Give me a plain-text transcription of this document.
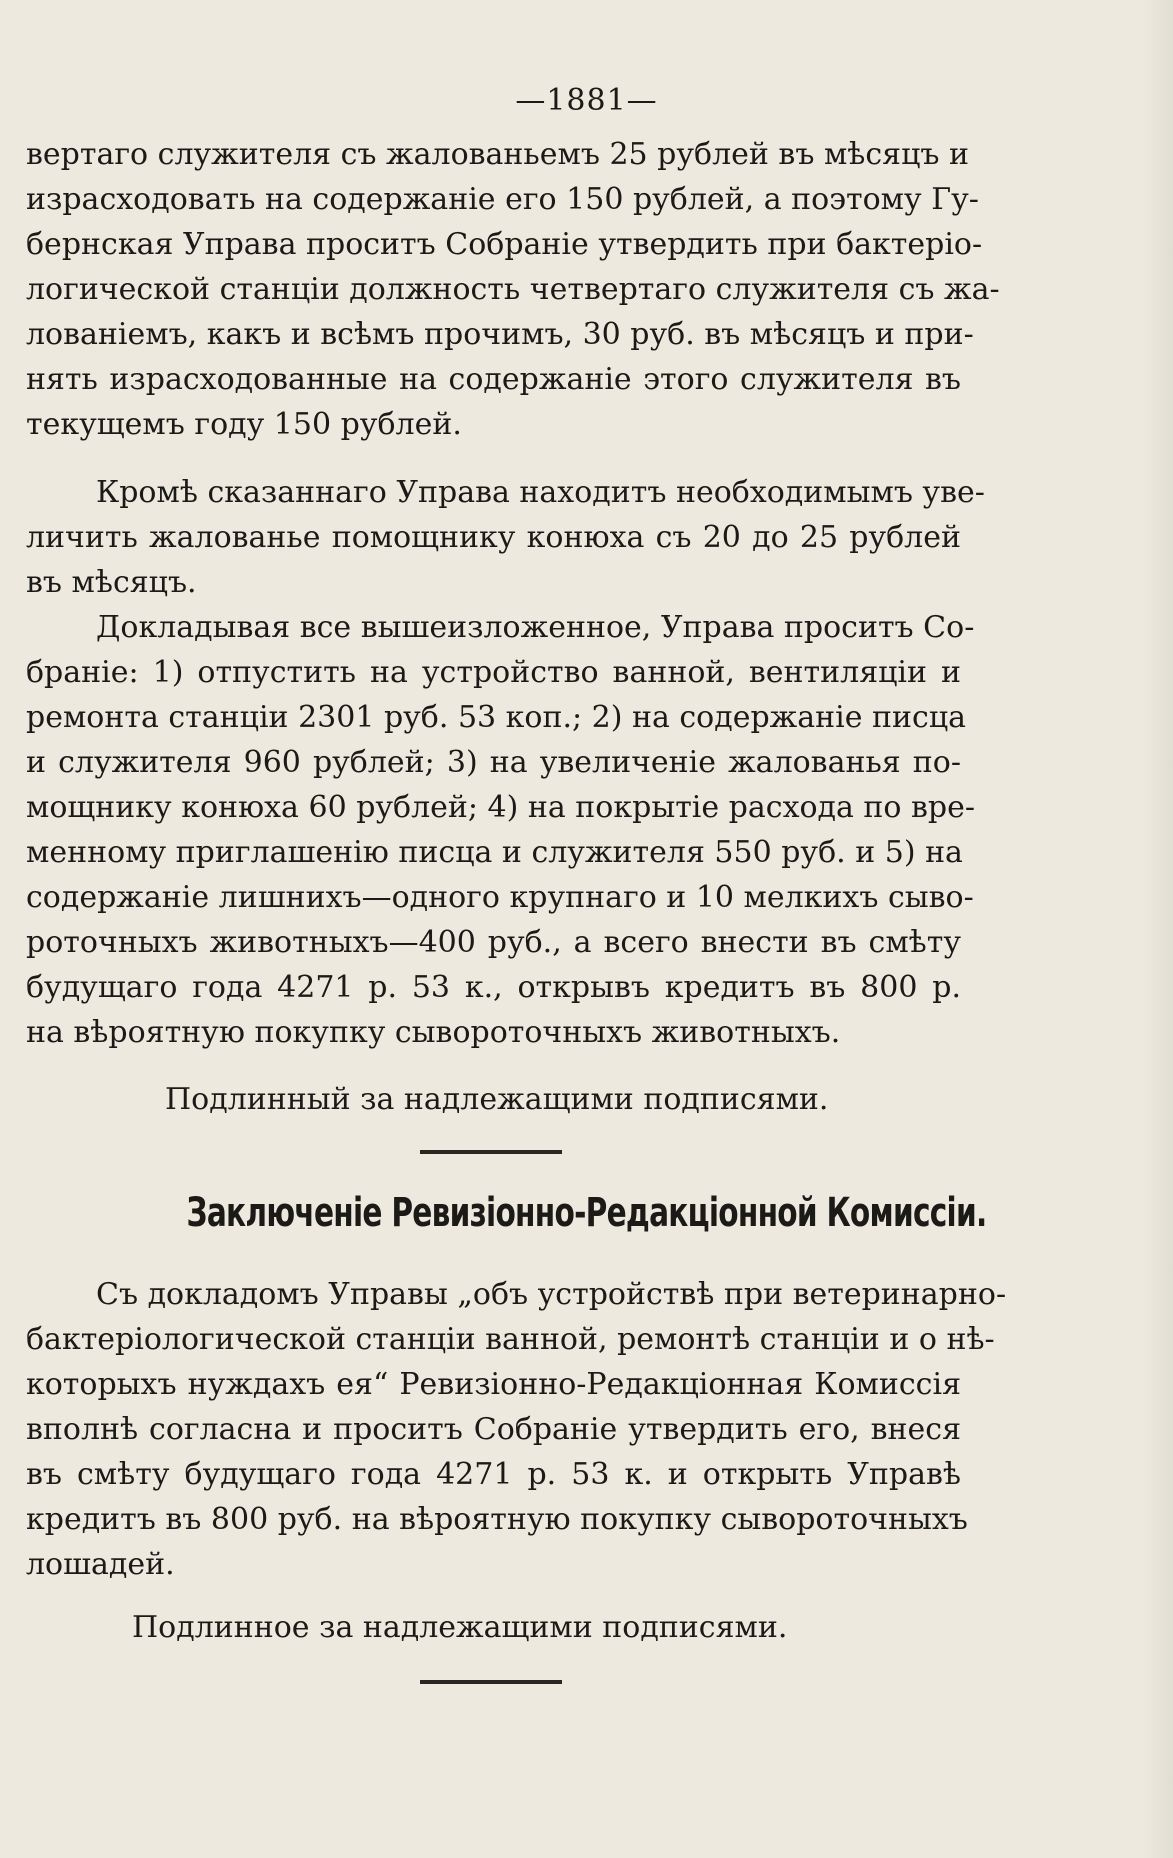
—1881—
вертаго служителя съ жалованьемъ 25 рублей въ мѣсяцъ и
израсходовать на содержаніе его 150 рублей, а поэтому Гу-
бернская Управа проситъ Собраніе утвердить при бактеріо-
логической станціи должность четвертаго служителя съ жа-
лованіемъ, какъ и всѣмъ прочимъ, 30 руб. въ мѣсяцъ и при-
нять израсходованные на содержаніе этого служителя въ
текущемъ году 150 рублей.
Кромѣ сказаннаго Управа находитъ необходимымъ уве-
личить жалованье помощнику конюха съ 20 до 25 рублей
въ мѣсяцъ.
Докладывая все вышеизложенное, Управа проситъ Со-
браніе: 1) отпустить на устройство ванной, вентиляціи и
ремонта станціи 2301 руб. 53 коп.; 2) на содержаніе писца
и служителя 960 рублей; 3) на увеличеніе жалованья по-
мощнику конюха 60 рублей; 4) на покрытіе расхода по вре-
менному приглашенію писца и служителя 550 руб. и 5) на
содержаніе лишнихъ—одного крупнаго и 10 мелкихъ сыво-
роточныхъ животныхъ—400 руб., а всего внести въ смѣту
будущаго года 4271 р. 53 к., открывъ кредитъ въ 800 р.
на вѣроятную покупку сывороточныхъ животныхъ.
Подлинный за надлежащими подписями.
Заключеніе Ревизіонно-Редакціонной Комиссіи.
Съ докладомъ Управы „объ устройствѣ при ветеринарно-
бактеріологической станціи ванной, ремонтѣ станціи и о нѣ-
которыхъ нуждахъ ея“ Ревизіонно-Редакціонная Комиссія
вполнѣ согласна и проситъ Собраніе утвердить его, внеся
въ смѣту будущаго года 4271 р. 53 к. и открыть Управѣ
кредитъ въ 800 руб. на вѣроятную покупку сывороточныхъ
лошадей.
Подлинное за надлежащими подписями.
